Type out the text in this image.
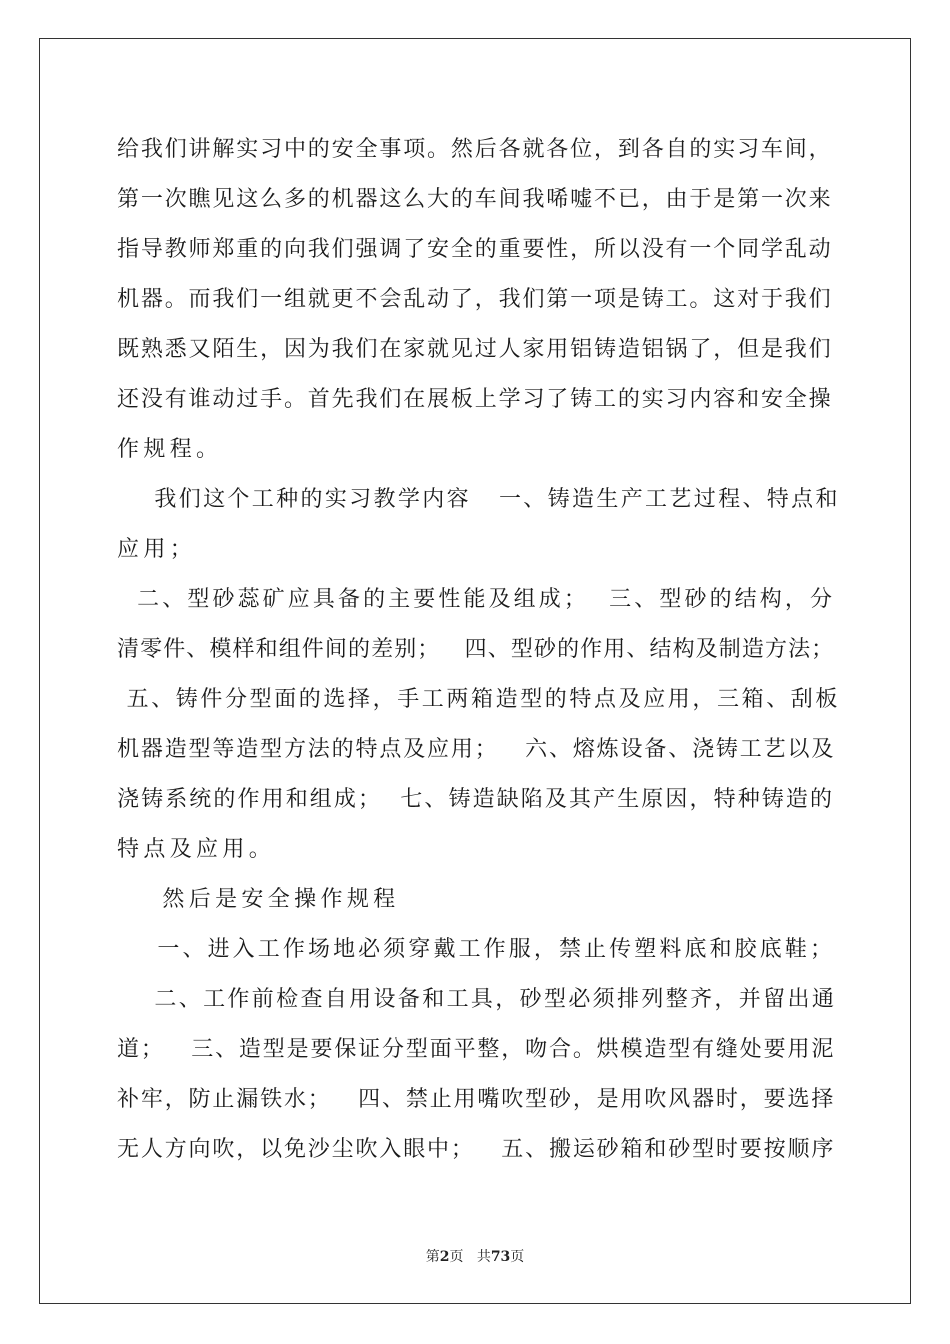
给我们讲解实习中的安全事项。然后各就各位，到各自的实习车间，
第一次瞧见这么多的机器这么大的车间我唏嘘不已，由于是第一次来
指导教师郑重的向我们强调了安全的重要性，所以没有一个同学乱动
机器。而我们一组就更不会乱动了，我们第一项是铸工。这对于我们
既熟悉又陌生，因为我们在家就见过人家用铝铸造铝锅了，但是我们
还没有谁动过手。首先我们在展板上学习了铸工的实习内容和安全操
作规程。
我们这个工种的实习教学内容   一、铸造生产工艺过程、特点和
应用；
二、型砂蕊矿应具备的主要性能及组成；  三、型砂的结构，分
清零件、模样和组件间的差别；   四、型砂的作用、结构及制造方法；
五、铸件分型面的选择，手工两箱造型的特点及应用，三箱、刮板
机器造型等造型方法的特点及应用；   六、熔炼设备、浇铸工艺以及
浇铸系统的作用和组成；  七、铸造缺陷及其产生原因，特种铸造的
特点及应用。
然后是安全操作规程
一、进入工作场地必须穿戴工作服，禁止传塑料底和胶底鞋；
二、工作前检查自用设备和工具，砂型必须排列整齐，并留出通
道；   三、造型是要保证分型面平整，吻合。烘模造型有缝处要用泥
补牢，防止漏铁水；   四、禁止用嘴吹型砂，是用吹风器时，要选择
无人方向吹，以免沙尘吹入眼中；   五、搬运砂箱和砂型时要按顺序
第2页 共73页
